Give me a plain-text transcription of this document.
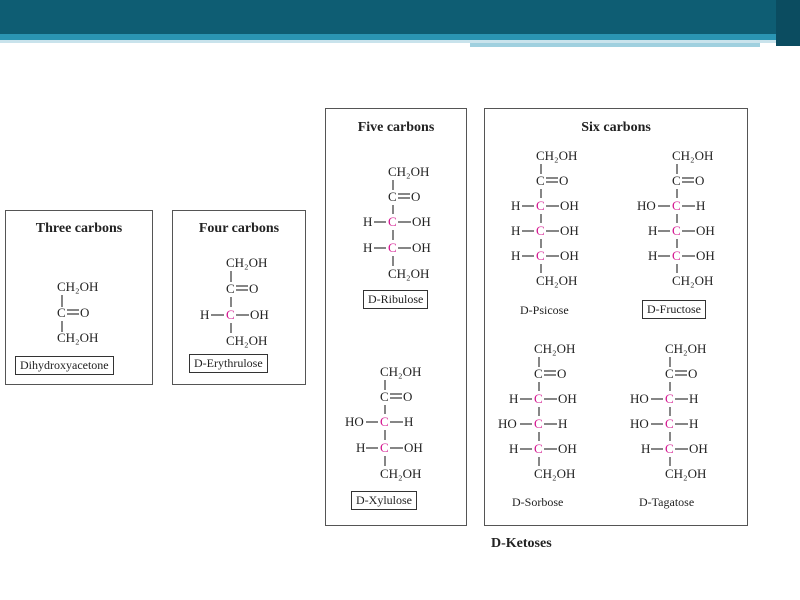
Three carbons
CH₂OH
C O
CH₂OH
Dihydroxyacetone
Four carbons
CH₂OH
C O
H C OH
CH₂OH
D-Erythrulose
Five carbons
CH₂OH
C O
H C OH
H C OH
CH₂OH
D-Ribulose
CH₂OH
C O
HO C H
H C OH
CH₂OH
D-Xylulose
Six carbons
CH₂OH
C O
H C OH
H C OH
H C OH
CH₂OH
D-Psicose
CH₂OH
C O
HO C H
H C OH
H C OH
CH₂OH
D-Fructose
CH₂OH
C O
H C OH
HO C H
H C OH
CH₂OH
D-Sorbose
CH₂OH
C O
HO C H
HO C H
H C OH
CH₂OH
D-Tagatose
D-Ketoses
